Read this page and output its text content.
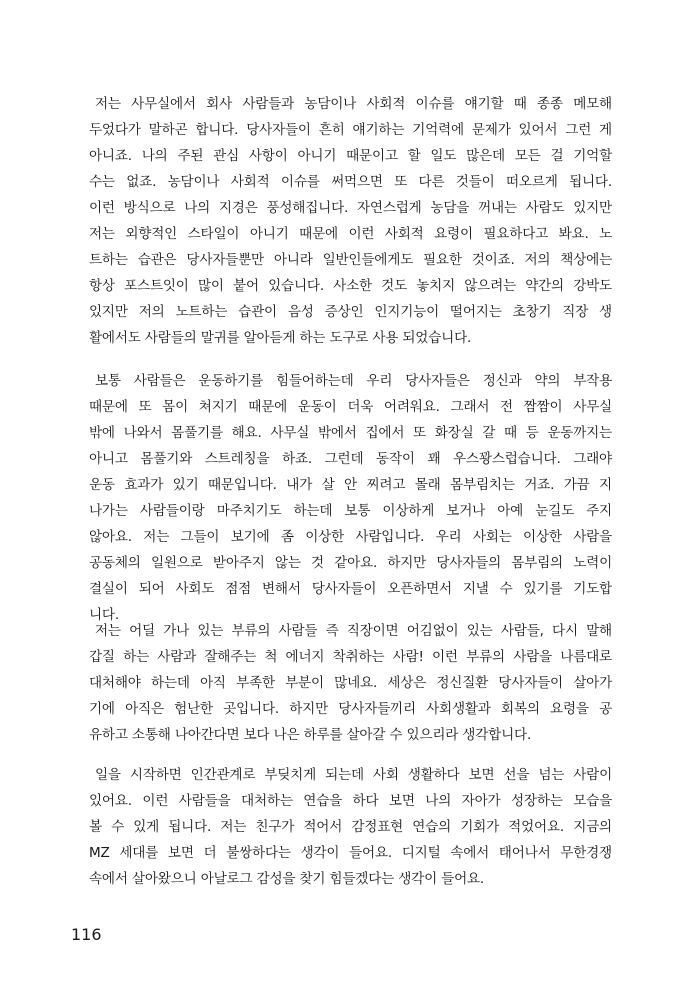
저는 사무실에서 회사 사람들과 농담이나 사회적 이슈를 얘기할 때 종종 메모해
두었다가 말하곤 합니다. 당사자들이 흔히 얘기하는 기억력에 문제가 있어서 그런 게
아니죠. 나의 주된 관심 사항이 아니기 때문이고 할 일도 많은데 모든 걸 기억할
수는 없죠. 농담이나 사회적 이슈를 써먹으면 또 다른 것들이 떠오르게 됩니다.
이런 방식으로 나의 지경은 풍성해집니다. 자연스럽게 농담을 꺼내는 사람도 있지만
저는 외향적인 스타일이 아니기 때문에 이런 사회적 요령이 필요하다고 봐요. 노
트하는 습관은 당사자들뿐만 아니라 일반인들에게도 필요한 것이죠. 저의 책상에는
항상 포스트잇이 많이 붙어 있습니다. 사소한 것도 놓치지 않으려는 약간의 강박도
있지만 저의 노트하는 습관이 음성 증상인 인지기능이 떨어지는 초창기 직장 생
활에서도 사람들의 말귀를 알아듣게 하는 도구로 사용 되었습니다.
보통 사람들은 운동하기를 힘들어하는데 우리 당사자들은 정신과 약의 부작용
때문에 또 몸이 쳐지기 때문에 운동이 더욱 어려워요. 그래서 전 짬짬이 사무실
밖에 나와서 몸풀기를 해요. 사무실 밖에서 집에서 또 화장실 갈 때 등 운동까지는
아니고 몸풀기와 스트레칭을 하죠. 그런데 동작이 꽤 우스꽝스럽습니다. 그래야
운동 효과가 있기 때문입니다. 내가 살 안 찌려고 몰래 몸부림치는 거죠. 가끔 지
나가는 사람들이랑 마주치기도 하는데 보통 이상하게 보거나 아예 눈길도 주지
않아요. 저는 그들이 보기에 좀 이상한 사람입니다. 우리 사회는 이상한 사람을
공동체의 일원으로 받아주지 않는 것 같아요. 하지만 당사자들의 몸부림의 노력이
결실이 되어 사회도 점점 변해서 당사자들이 오픈하면서 지낼 수 있기를 기도합
니다.
저는 어딜 가나 있는 부류의 사람들 즉 직장이면 어김없이 있는 사람들, 다시 말해
갑질 하는 사람과 잘해주는 척 에너지 착취하는 사람! 이런 부류의 사람을 나름대로
대처해야 하는데 아직 부족한 부분이 많네요. 세상은 정신질환 당사자들이 살아가
기에 아직은 험난한 곳입니다. 하지만 당사자들끼리 사회생활과 회복의 요령을 공
유하고 소통해 나아간다면 보다 나은 하루를 살아갈 수 있으리라 생각합니다.
일을 시작하면 인간관계로 부딪치게 되는데 사회 생활하다 보면 선을 넘는 사람이
있어요. 이런 사람들을 대처하는 연습을 하다 보면 나의 자아가 성장하는 모습을
볼 수 있게 됩니다. 저는 친구가 적어서 감정표현 연습의 기회가 적었어요. 지금의
MZ 세대를 보면 더 불쌍하다는 생각이 들어요. 디지털 속에서 태어나서 무한경쟁
속에서 살아왔으니 아날로그 감성을 찾기 힘들겠다는 생각이 들어요.
116
